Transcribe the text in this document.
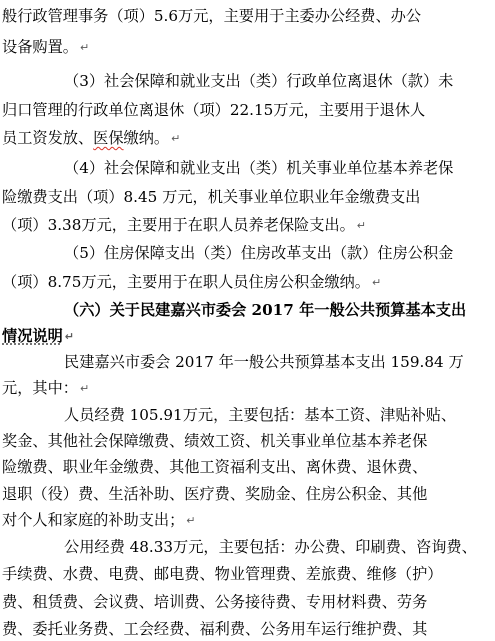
般行政管理事务（项）5.6万元，主要用于主委办公经费、办公
设备购置。 ↵
（3）社会保障和就业支出（类）行政单位离退休（款）未
归口管理的行政单位离退休（项）22.15万元，主要用于退休人
员工资发放、医保缴纳。 ↵
（4）社会保障和就业支出（类）机关事业单位基本养老保
险缴费支出（项）8.45 万元，机关事业单位职业年金缴费支出
（项）3.38万元，主要用于在职人员养老保险支出。 ↵
（5）住房保障支出（类）住房改革支出（款）住房公积金
（项）8.75万元，主要用于在职人员住房公积金缴纳。 ↵
（六）关于民建嘉兴市委会 2017 年一般公共预算基本支出
情况说明 ↵
民建嘉兴市委会 2017 年一般公共预算基本支出 159.84 万
元，其中： ↵
人员经费 105.91万元，主要包括：基本工资、津贴补贴、
奖金、其他社会保障缴费、绩效工资、机关事业单位基本养老保
险缴费、职业年金缴费、其他工资福利支出、离休费、退休费、
退职（役）费、生活补助、医疗费、奖励金、住房公积金、其他
对个人和家庭的补助支出； ↵
公用经费 48.33万元，主要包括：办公费、印刷费、咨询费、
手续费、水费、电费、邮电费、物业管理费、差旅费、维修（护）
费、租赁费、会议费、培训费、公务接待费、专用材料费、劳务
费、委托业务费、工会经费、福利费、公务用车运行维护费、其
